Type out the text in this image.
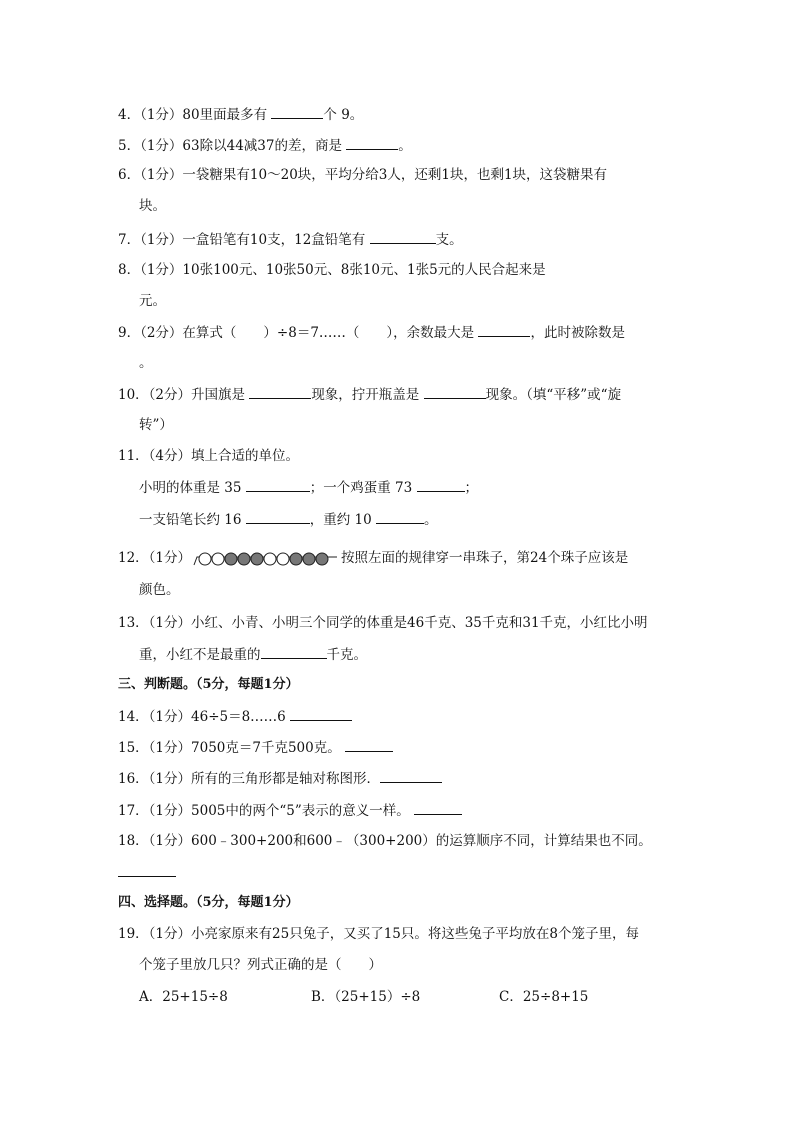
4．（1分）80里面最多有	个 9。
5．（1分）63除以44减37的差，商是	。
6．（1分）一袋糖果有10～20块，平均分给3人，还剩1块，也剩1块，这袋糖果有
块。
7．（1分）一盒铅笔有10支，12盒铅笔有	支。
8．（1分）10张100元、10张50元、8张10元、1张5元的人民合起来是
元。
9．（2分）在算式（　　）÷8＝7……（　　），余数最大是	，此时被除数是
。
10．（2分）升国旗是	现象，拧开瓶盖是	现象。（填“平移”或“旋
转”）
11．（4分）填上合适的单位。
小明的体重是 35	；一个鸡蛋重 73	；
一支铅笔长约 16	，重约 10	。
12．（1分）	按照左面的规律穿一串珠子，第24个珠子应该是
颜色。
13．（1分）小红、小青、小明三个同学的体重是46千克、35千克和31千克，小红比小明
重，小红不是最重的	千克。
三、判断题。（5分，每题1分）
14．（1分）46÷5＝8……6
15．（1分）7050克＝7千克500克。
16．（1分）所有的三角形都是轴对称图形．
17．（1分）5005中的两个“5”表示的意义一样。
18．（1分）600﹣300+200和600﹣（300+200）的运算顺序不同，计算结果也不同。
四、选择题。（5分，每题1分）
19．（1分）小亮家原来有25只兔子，又买了15只。将这些兔子平均放在8个笼子里，每
个笼子里放几只？列式正确的是（　　）
A．25+15÷8	B．（25+15）÷8	C．25÷8+15
